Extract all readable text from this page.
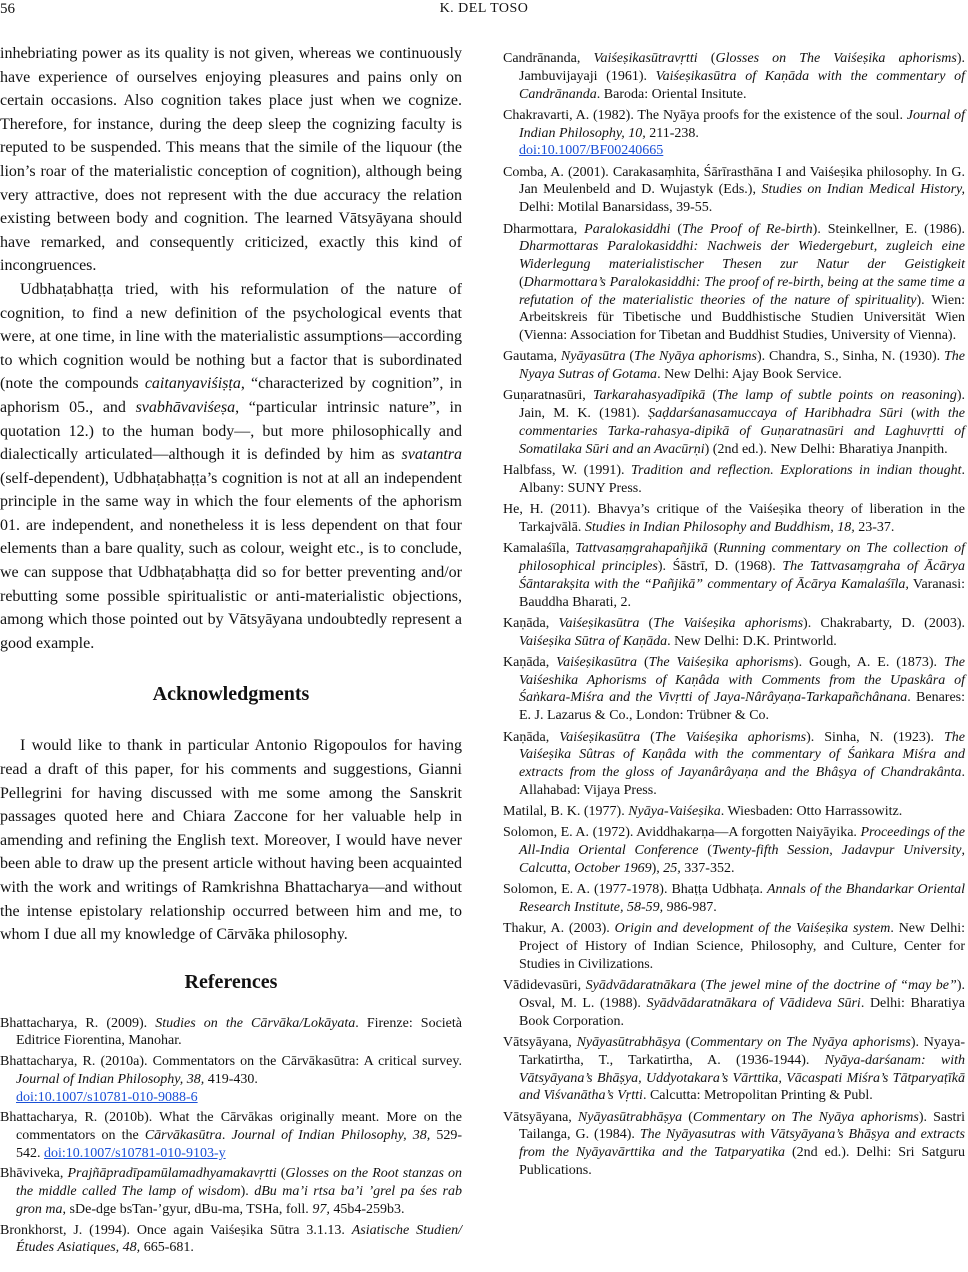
56	K. DEL TOSO

inhebriating power as its quality is not given, whereas we continuously have experience of ourselves enjoying pleasures and pains only on certain occasions. Also cognition takes place just when we cognize. Therefore, for instance, during the deep sleep the cognizing faculty is reputed to be suspended. This means that the simile of the liquour (the lion’s roar of the materialistic conception of cognition), although being very attractive, does not represent with the due accuracy the relation existing between body and cognition. The learned Vātsyāyana should have remarked, and consequently criticized, exactly this kind of incongruences.

Udbhaṭabhaṭṭa tried, with his reformulation of the nature of cognition, to find a new definition of the psychological events that were, at one time, in line with the materialistic assumptions—according to which cognition would be nothing but a factor that is subordinated (note the compounds caitanyaviśiṣṭa, “characterized by cognition”, in aphorism 05., and svabhāvaviśeṣa, “particular intrinsic nature”, in quotation 12.) to the human body—, but more philosophically and dialectically articulated—although it is definded by him as svatantra (self-dependent), Udbhaṭabhaṭṭa’s cognition is not at all an independent principle in the same way in which the four elements of the aphorism 01. are independent, and nonetheless it is less dependent on that four elements than a bare quality, such as colour, weight etc., is to conclude, we can suppose that Udbhaṭabhaṭṭa did so for better preventing and/or rebutting some possible spiritualistic or anti-materialistic objections, among which those pointed out by Vātsyāyana undoubtedly represent a good example.

Acknowledgments

I would like to thank in particular Antonio Rigopoulos for having read a draft of this paper, for his comments and suggestions, Gianni Pellegrini for having discussed with me some among the Sanskrit passages quoted here and Chiara Zaccone for her valuable help in amending and refining the English text. Moreover, I would have never been able to draw up the present article without having been acquainted with the work and writings of Ramkrishna Bhattacharya—and without the intense epistolary relationship occurred between him and me, to whom I due all my knowledge of Cārvāka philosophy.

References

Bhattacharya, R. (2009). Studies on the Cārvāka/Lokāyata. Firenze: Società Editrice Fiorentina, Manohar.

Bhattacharya, R. (2010a). Commentators on the Cārvākasūtra: A critical survey. Journal of Indian Philosophy, 38, 419-430.
doi:10.1007/s10781-010-9088-6

Bhattacharya, R. (2010b). What the Cārvākas originally meant. More on the commentators on the Cārvākasūtra. Journal of Indian Philosophy, 38, 529-542. doi:10.1007/s10781-010-9103-y

Bhāviveka, Prajñāpradīpamūlamadhyamakavṛtti (Glosses on the Root stanzas on the middle called The lamp of wisdom). dBu ma’i rtsa ba’i ’grel pa śes rab gron ma, sDe-dge bsTan-’gyur, dBu-ma, TSHa, foll. 97, 45b4-259b3.

Bronkhorst, J. (1994). Once again Vaiśeṣika Sūtra 3.1.13. Asiatische Studien/Études Asiatiques, 48, 665-681.

Candrānanda, Vaiśeṣikasūtravṛtti (Glosses on The Vaiśeṣika aphorisms). Jambuvijayaji (1961). Vaiśeṣikasūtra of Kaṇāda with the commentary of Candrānanda. Baroda: Oriental Insitute.

Chakravarti, A. (1982). The Nyāya proofs for the existence of the soul. Journal of Indian Philosophy, 10, 211-238.
doi:10.1007/BF00240665

Comba, A. (2001). Carakasaṃhita, Śārīrasthāna I and Vaiśeṣika philosophy. In G. Jan Meulenbeld and D. Wujastyk (Eds.), Studies on Indian Medical History, Delhi: Motilal Banarsidass, 39-55.

Dharmottara, Paralokasiddhi (The Proof of Re-birth). Steinkellner, E. (1986). Dharmottaras Paralokasiddhi: Nachweis der Wiedergeburt, zugleich eine Widerlegung materialistischer Thesen zur Natur der Geistigkeit (Dharmottara’s Paralokasiddhi: The proof of re-birth, being at the same time a refutation of the materialistic theories of the nature of spirituality). Wien: Arbeitskreis für Tibetische und Buddhistische Studien Universität Wien (Vienna: Association for Tibetan and Buddhist Studies, University of Vienna).

Gautama, Nyāyasūtra (The Nyāya aphorisms). Chandra, S., Sinha, N. (1930). The Nyaya Sutras of Gotama. New Delhi: Ajay Book Service.

Guṇaratnasūri, Tarkarahasyadīpikā (The lamp of subtle points on reasoning). Jain, M. K. (1981). Ṣaḍdarśanasamuccaya of Haribhadra Sūri (with the commentaries Tarka-rahasya-dipikā of Guṇaratnasūri and Laghuvṛtti of Somatilaka Sūri and an Avacūrṇi) (2nd ed.). New Delhi: Bharatiya Jnanpith.

Halbfass, W. (1991). Tradition and reflection. Explorations in indian thought. Albany: SUNY Press.

He, H. (2011). Bhavya’s critique of the Vaiśeṣika theory of liberation in the Tarkajvālā. Studies in Indian Philosophy and Buddhism, 18, 23-37.

Kamalaśīla, Tattvasaṃgrahapañjikā (Running commentary on The collection of philosophical principles). Śāstrī, D. (1968). The Tattvasaṃgraha of Ācārya Śāntarakṣita with the “Pañjikā” commentary of Ācārya Kamalaśīla, Varanasi: Bauddha Bharati, 2.

Kaṇāda, Vaiśeṣikasūtra (The Vaiśeṣika aphorisms). Chakrabarty, D. (2003). Vaiśeṣika Sūtra of Kaṇāda. New Delhi: D.K. Printworld.

Kaṇāda, Vaiśeṣikasūtra (The Vaiśeṣika aphorisms). Gough, A. E. (1873). The Vaiśeshika Aphorisms of Kaṇâda with Comments from the Upaskâra of Śaṅkara-Miśra and the Vivṛtti of Jaya-Nârâyaṇa-Tarkapañchânana. Benares: E. J. Lazarus & Co., London: Trübner & Co.

Kaṇāda, Vaiśeṣikasūtra (The Vaiśeṣika aphorisms). Sinha, N. (1923). The Vaiśeṣika Sûtras of Kaṇâda with the commentary of Śaṅkara Miśra and extracts from the gloss of Jayanârâyaṇa and the Bhâṣya of Chandrakânta. Allahabad: Vijaya Press.

Matilal, B. K. (1977). Nyāya-Vaiśeṣika. Wiesbaden: Otto Harrassowitz.

Solomon, E. A. (1972). Aviddhakarṇa—A forgotten Naiyāyika. Proceedings of the All-India Oriental Conference (Twenty-fifth Session, Jadavpur University, Calcutta, October 1969), 25, 337-352.

Solomon, E. A. (1977-1978). Bhaṭṭa Udbhaṭa. Annals of the Bhandarkar Oriental Research Institute, 58-59, 986-987.

Thakur, A. (2003). Origin and development of the Vaiśeṣika system. New Delhi: Project of History of Indian Science, Philosophy, and Culture, Center for Studies in Civilizations.

Vādidevasūri, Syādvādaratnākara (The jewel mine of the doctrine of “may be”). Osval, M. L. (1988). Syādvādaratnākara of Vādideva Sūri. Delhi: Bharatiya Book Corporation.

Vātsyāyana, Nyāyasūtrabhāṣya (Commentary on The Nyāya aphorisms). Nyaya-Tarkatirtha, T., Tarkatirtha, A. (1936-1944). Nyāya-darśanam: with Vātsyāyana’s Bhāṣya, Uddyotakara’s Vārttika, Vācaspati Miśra’s Tātparyaṭīkā and Viśvanātha’s Vṛtti. Calcutta: Metropolitan Printing & Publ.

Vātsyāyana, Nyāyasūtrabhāṣya (Commentary on The Nyāya aphorisms). Sastri Tailanga, G. (1984). The Nyāyasutras with Vātsyāyana’s Bhāṣya and extracts from the Nyāyavārttika and the Tatparyatika (2nd ed.). Delhi: Sri Satguru Publications.
